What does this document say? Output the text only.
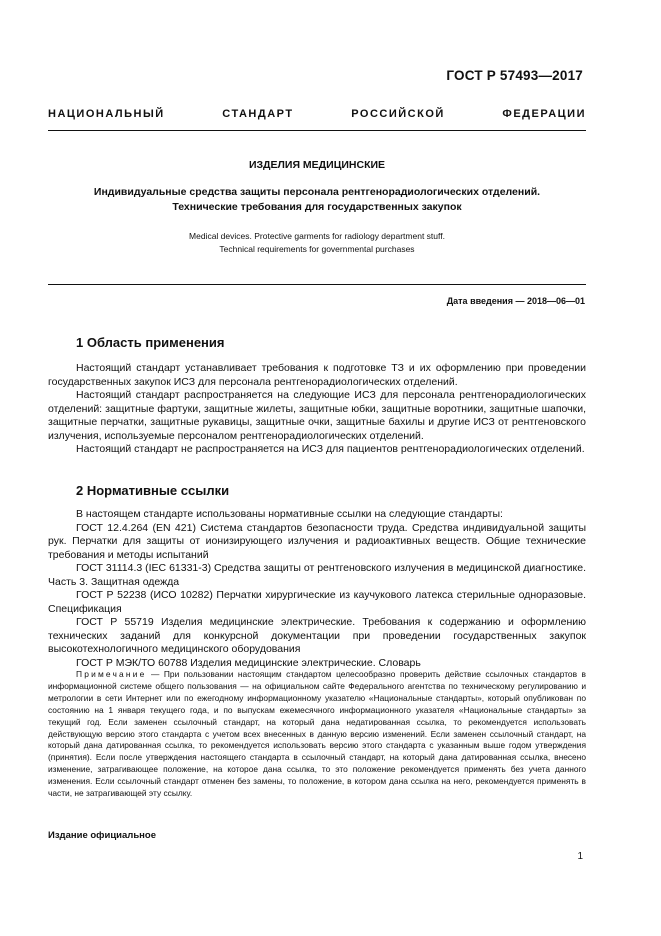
ГОСТ Р 57493—2017
НАЦИОНАЛЬНЫЙ СТАНДАРТ РОССИЙСКОЙ ФЕДЕРАЦИИ
ИЗДЕЛИЯ МЕДИЦИНСКИЕ
Индивидуальные средства защиты персонала рентгенорадиологических отделений.
Технические требования для государственных закупок
Medical devices. Protective garments for radiology department stuff.
Technical requirements for governmental purchases
Дата введения — 2018—06—01
1 Область применения

Настоящий стандарт устанавливает требования к подготовке ТЗ и их оформлению при проведении государственных закупок ИСЗ для персонала рентгенорадиологических отделений.

Настоящий стандарт распространяется на следующие ИСЗ для персонала рентгенорадиологических отделений: защитные фартуки, защитные жилеты, защитные юбки, защитные воротники, защитные шапочки, защитные перчатки, защитные рукавицы, защитные очки, защитные бахилы и другие ИСЗ от рентгеновского излучения, используемые персоналом рентгенорадиологических отделений.

Настоящий стандарт не распространяется на ИСЗ для пациентов рентгенорадиологических отделений.

2 Нормативные ссылки

В настоящем стандарте использованы нормативные ссылки на следующие стандарты:

ГОСТ 12.4.264 (EN 421) Система стандартов безопасности труда. Средства индивидуальной защиты рук. Перчатки для защиты от ионизирующего излучения и радиоактивных веществ. Общие технические требования и методы испытаний

ГОСТ 31114.3 (IEC 61331-3) Средства защиты от рентгеновского излучения в медицинской диагностике. Часть 3. Защитная одежда

ГОСТ Р 52238 (ИСО 10282) Перчатки хирургические из каучукового латекса стерильные одноразовые. Спецификация

ГОСТ Р 55719 Изделия медицинские электрические. Требования к содержанию и оформлению технических заданий для конкурсной документации при проведении государственных закупок высокотехнологичного медицинского оборудования

ГОСТ Р МЭК/ТО 60788 Изделия медицинские электрические. Словарь

Примечание — При пользовании настоящим стандартом целесообразно проверить действие ссылочных стандартов в информационной системе общего пользования — на официальном сайте Федерального агентства по техническому регулированию и метрологии в сети Интернет или по ежегодному информационному указателю «Национальные стандарты», который опубликован по состоянию на 1 января текущего года, и по выпускам ежемесячного информационного указателя «Национальные стандарты» за текущий год. Если заменен ссылочный стандарт, на который дана недатированная ссылка, то рекомендуется использовать действующую версию этого стандарта с учетом всех внесенных в данную версию изменений. Если заменен ссылочный стандарт, на который дана датированная ссылка, то рекомендуется использовать версию этого стандарта с указанным выше годом утверждения (принятия). Если после утверждения настоящего стандарта в ссылочный стандарт, на который дана датированная ссылка, внесено изменение, затрагивающее положение, на которое дана ссылка, то это положение рекомендуется применять без учета данного изменения. Если ссылочный стандарт отменен без замены, то положение, в котором дана ссылка на него, рекомендуется применять в части, не затрагивающей эту ссылку.
Издание официальное
1
